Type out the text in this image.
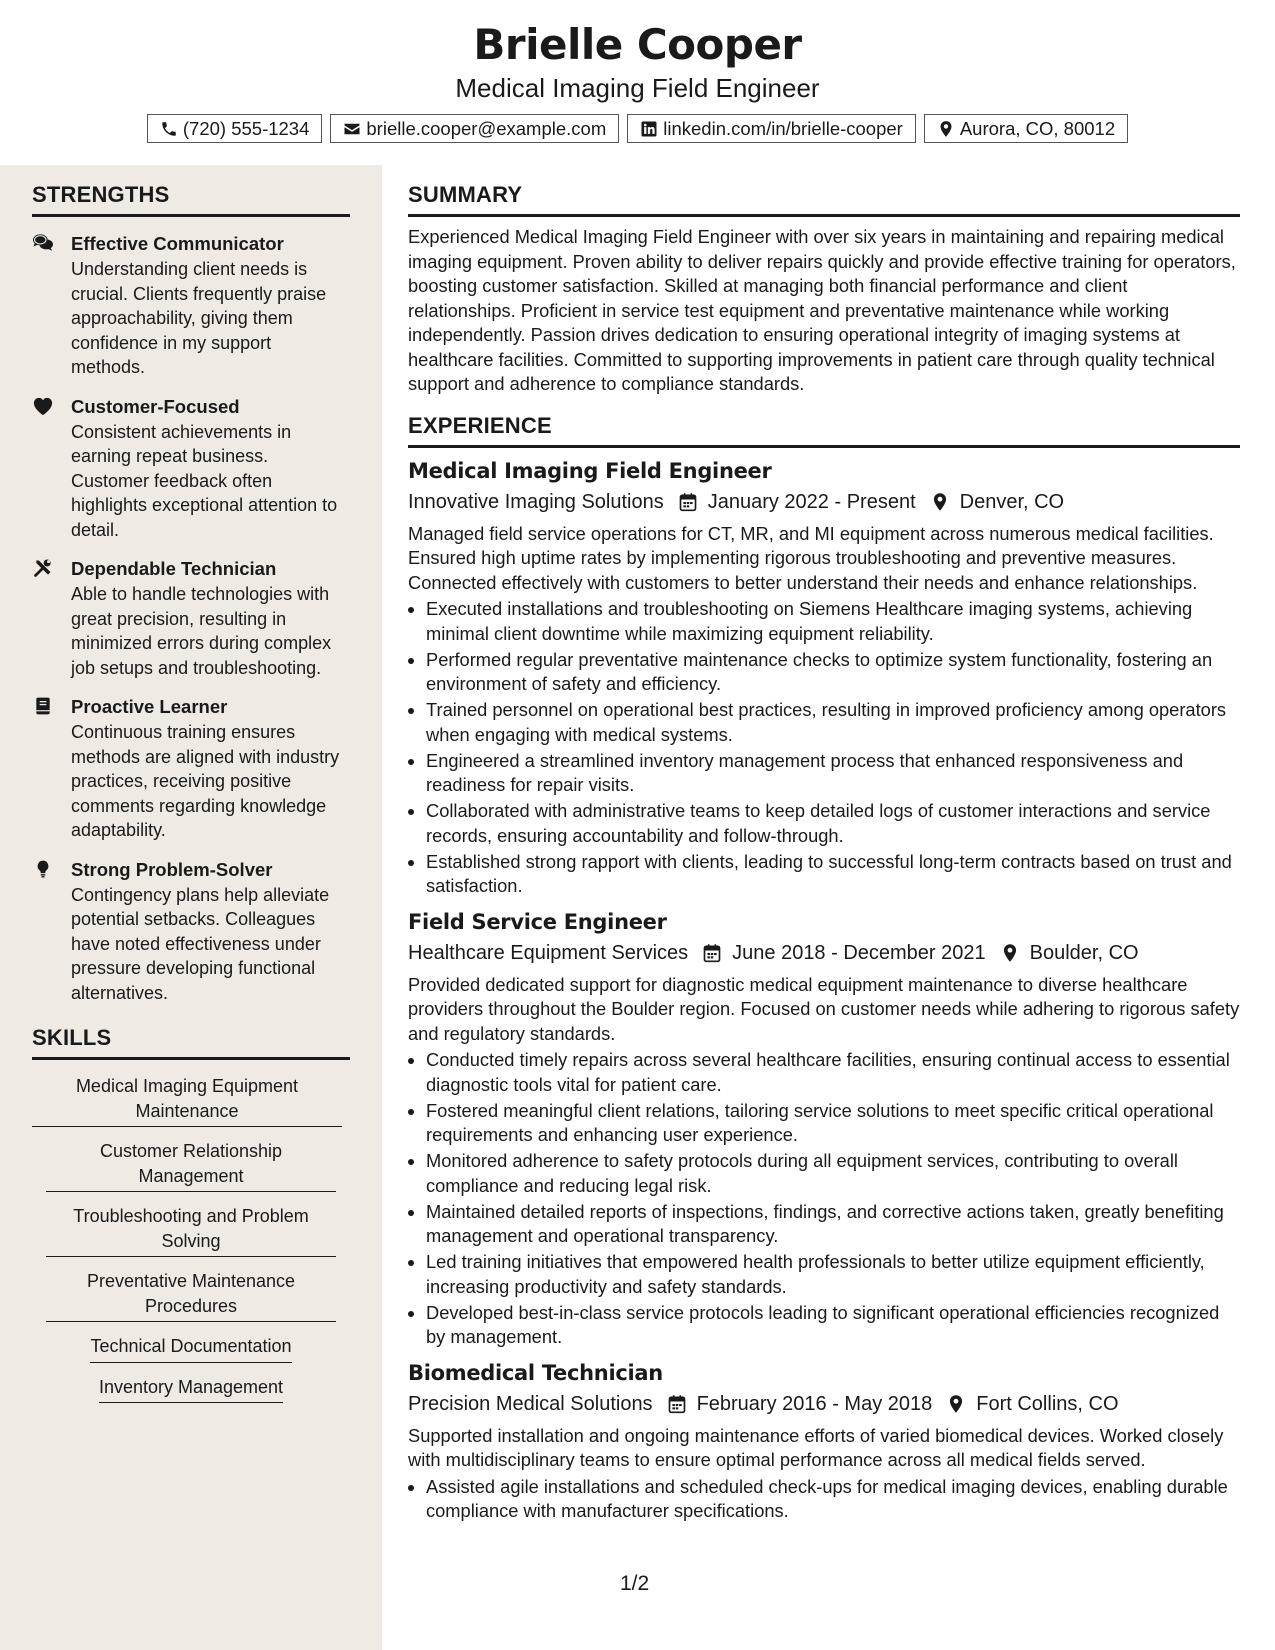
Brielle Cooper
Medical Imaging Field Engineer
(720) 555-1234	brielle.cooper@example.com	linkedin.com/in/brielle-cooper	Aurora, CO, 80012
STRENGTHS
Effective Communicator
Understanding client needs is crucial. Clients frequently praise approachability, giving them confidence in my support methods.
Customer-Focused
Consistent achievements in earning repeat business. Customer feedback often highlights exceptional attention to detail.
Dependable Technician
Able to handle technologies with great precision, resulting in minimized errors during complex job setups and troubleshooting.
Proactive Learner
Continuous training ensures methods are aligned with industry practices, receiving positive comments regarding knowledge adaptability.
Strong Problem-Solver
Contingency plans help alleviate potential setbacks. Colleagues have noted effectiveness under pressure developing functional alternatives.
SKILLS
Medical Imaging Equipment Maintenance
Customer Relationship Management
Troubleshooting and Problem Solving
Preventative Maintenance Procedures
Technical Documentation
Inventory Management
SUMMARY
Experienced Medical Imaging Field Engineer with over six years in maintaining and repairing medical imaging equipment. Proven ability to deliver repairs quickly and provide effective training for operators, boosting customer satisfaction. Skilled at managing both financial performance and client relationships. Proficient in service test equipment and preventative maintenance while working independently. Passion drives dedication to ensuring operational integrity of imaging systems at healthcare facilities. Committed to supporting improvements in patient care through quality technical support and adherence to compliance standards.
EXPERIENCE
Medical Imaging Field Engineer
Innovative Imaging Solutions January 2022 - Present Denver, CO
Managed field service operations for CT, MR, and MI equipment across numerous medical facilities. Ensured high uptime rates by implementing rigorous troubleshooting and preventive measures. Connected effectively with customers to better understand their needs and enhance relationships.
• Executed installations and troubleshooting on Siemens Healthcare imaging systems, achieving minimal client downtime while maximizing equipment reliability.
• Performed regular preventative maintenance checks to optimize system functionality, fostering an environment of safety and efficiency.
• Trained personnel on operational best practices, resulting in improved proficiency among operators when engaging with medical systems.
• Engineered a streamlined inventory management process that enhanced responsiveness and readiness for repair visits.
• Collaborated with administrative teams to keep detailed logs of customer interactions and service records, ensuring accountability and follow-through.
• Established strong rapport with clients, leading to successful long-term contracts based on trust and satisfaction.
Field Service Engineer
Healthcare Equipment Services June 2018 - December 2021 Boulder, CO
Provided dedicated support for diagnostic medical equipment maintenance to diverse healthcare providers throughout the Boulder region. Focused on customer needs while adhering to rigorous safety and regulatory standards.
• Conducted timely repairs across several healthcare facilities, ensuring continual access to essential diagnostic tools vital for patient care.
• Fostered meaningful client relations, tailoring service solutions to meet specific critical operational requirements and enhancing user experience.
• Monitored adherence to safety protocols during all equipment services, contributing to overall compliance and reducing legal risk.
• Maintained detailed reports of inspections, findings, and corrective actions taken, greatly benefiting management and operational transparency.
• Led training initiatives that empowered health professionals to better utilize equipment efficiently, increasing productivity and safety standards.
• Developed best-in-class service protocols leading to significant operational efficiencies recognized by management.
Biomedical Technician
Precision Medical Solutions February 2016 - May 2018 Fort Collins, CO
Supported installation and ongoing maintenance efforts of varied biomedical devices. Worked closely with multidisciplinary teams to ensure optimal performance across all medical fields served.
• Assisted agile installations and scheduled check-ups for medical imaging devices, enabling durable compliance with manufacturer specifications.
1/2
